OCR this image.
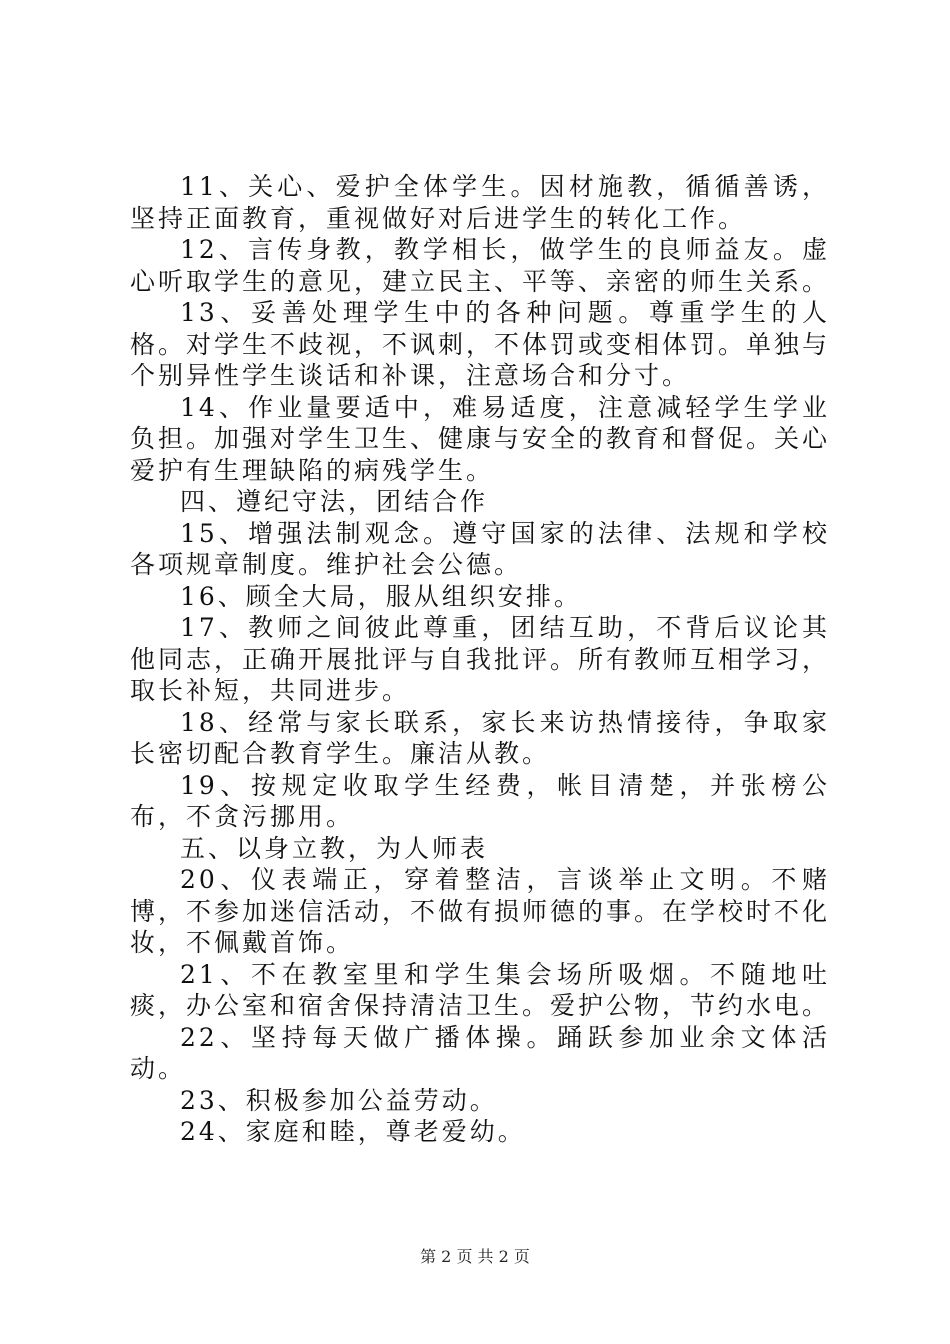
11、关心、爱护全体学生。因材施教，循循善诱，坚持正面教育，重视做好对后进学生的转化工作。

12、言传身教，教学相长，做学生的良师益友。虚心听取学生的意见，建立民主、平等、亲密的师生关系。

13、妥善处理学生中的各种问题。尊重学生的人格。对学生不歧视，不讽刺，不体罚或变相体罚。单独与个别异性学生谈话和补课，注意场合和分寸。

14、作业量要适中，难易适度，注意减轻学生学业负担。加强对学生卫生、健康与安全的教育和督促。关心爱护有生理缺陷的病残学生。

四、遵纪守法，团结合作

15、增强法制观念。遵守国家的法律、法规和学校各项规章制度。维护社会公德。

16、顾全大局，服从组织安排。

17、教师之间彼此尊重，团结互助，不背后议论其他同志，正确开展批评与自我批评。所有教师互相学习，取长补短，共同进步。

18、经常与家长联系，家长来访热情接待，争取家长密切配合教育学生。廉洁从教。

19、按规定收取学生经费，帐目清楚，并张榜公布，不贪污挪用。

五、以身立教，为人师表

20、仪表端正，穿着整洁，言谈举止文明。不赌博，不参加迷信活动，不做有损师德的事。在学校时不化妆，不佩戴首饰。

21、不在教室里和学生集会场所吸烟。不随地吐痰，办公室和宿舍保持清洁卫生。爱护公物，节约水电。

22、坚持每天做广播体操。踊跃参加业余文体活动。

23、积极参加公益劳动。

24、家庭和睦，尊老爱幼。

第 2 页 共 2 页
